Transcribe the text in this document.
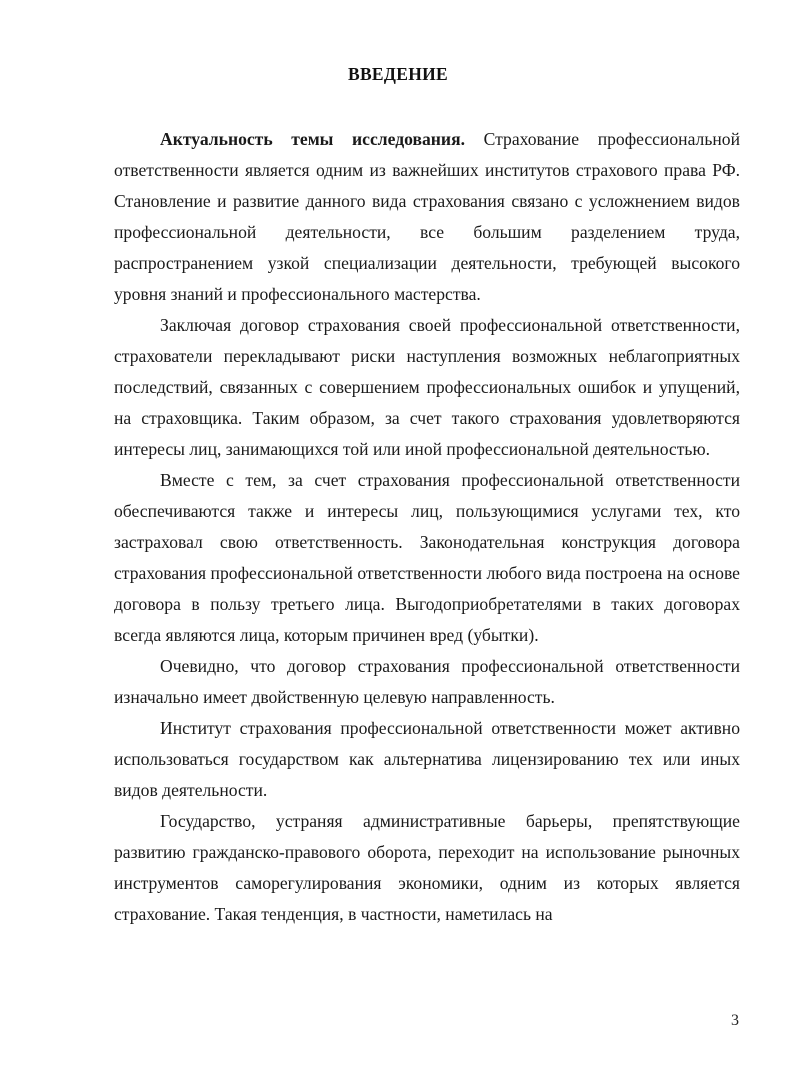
ВВЕДЕНИЕ

Актуальность темы исследования. Страхование профессиональной ответственности является одним из важнейших институтов страхового права РФ. Становление и развитие данного вида страхования связано с усложнением видов профессиональной деятельности, все большим разделением труда, распространением узкой специализации деятельности, требующей высокого уровня знаний и профессионального мастерства.

Заключая договор страхования своей профессиональной ответственности, страхователи перекладывают риски наступления возможных неблагоприятных последствий, связанных с совершением профессиональных ошибок и упущений, на страховщика. Таким образом, за счет такого страхования удовлетворяются интересы лиц, занимающихся той или иной профессиональной деятельностью.

Вместе с тем, за счет страхования профессиональной ответственности обеспечиваются также и интересы лиц, пользующимися услугами тех, кто застраховал свою ответственность. Законодательная конструкция договора страхования профессиональной ответственности любого вида построена на основе договора в пользу третьего лица. Выгодоприобретателями в таких договорах всегда являются лица, которым причинен вред (убытки).

Очевидно, что договор страхования профессиональной ответственности изначально имеет двойственную целевую направленность.

Институт страхования профессиональной ответственности может активно использоваться государством как альтернатива лицензированию тех или иных видов деятельности.

Государство, устраняя административные барьеры, препятствующие развитию гражданско-правового оборота, переходит на использование рыночных инструментов саморегулирования экономики, одним из которых является страхование. Такая тенденция, в частности, наметилась на

3
